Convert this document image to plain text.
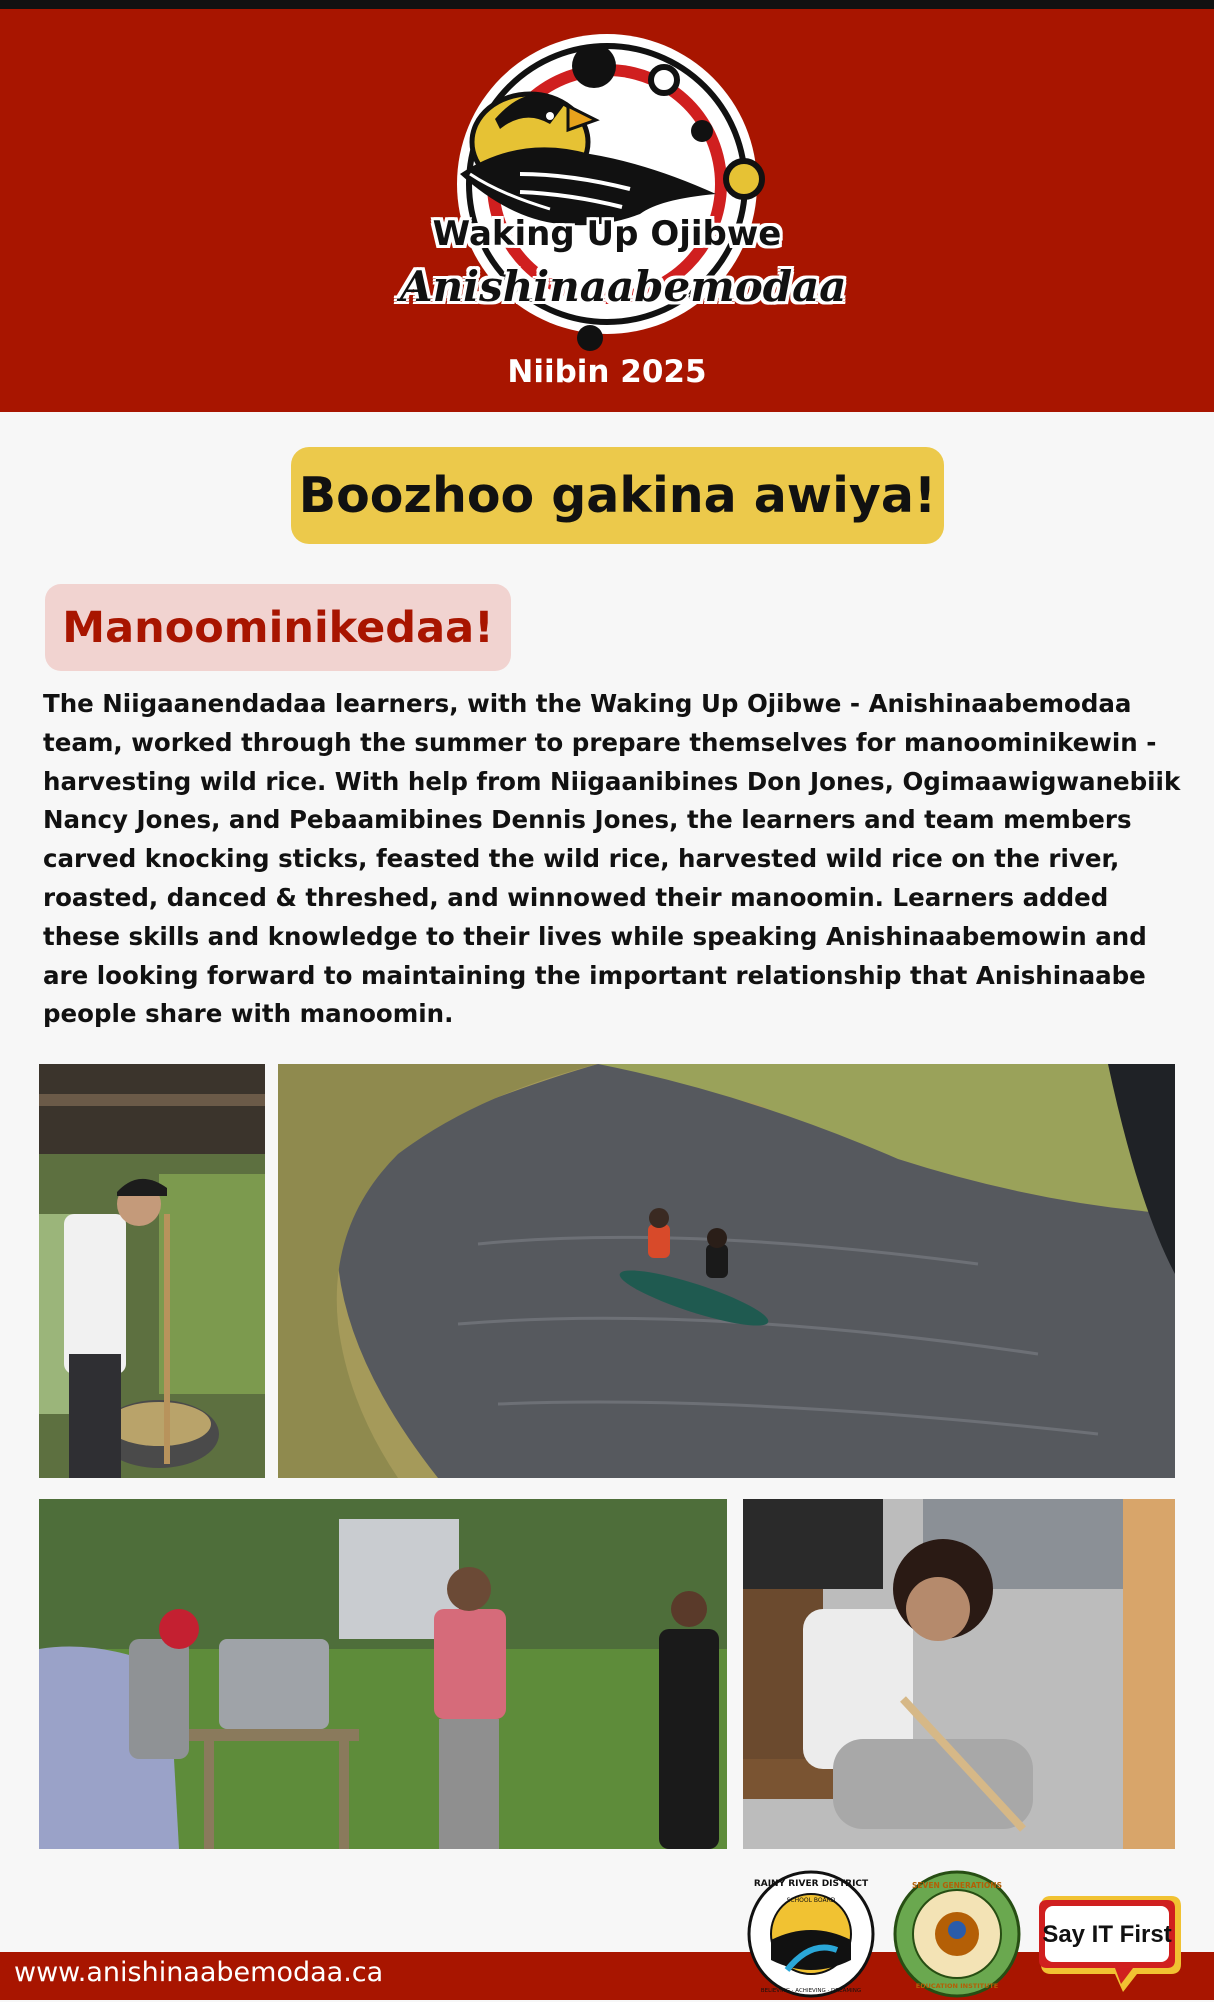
Waking Up Ojibwe
Anishinaabemodaa
Niibin 2025
Boozhoo gakina awiya!
Manoominikedaa!
The Niigaanendadaa learners, with the Waking Up Ojibwe - Anishinaabemodaa team, worked through the summer to prepare themselves for manoominikewin - harvesting wild rice. With help from Niigaanibines Don Jones, Ogimaawigwanebiik Nancy Jones, and Pebaamibines Dennis Jones, the learners and team members carved knocking sticks, feasted the wild rice, harvested wild rice on the river, roasted, danced & threshed, and winnowed their manoomin. Learners added these skills and knowledge to their lives while speaking Anishinaabemowin and are looking forward to maintaining the important relationship that Anishinaabe people share with manoomin.
www.anishinaabemodaa.ca
RAINY RIVER DISTRICT
SCHOOL BOARD
BELIEVING · ACHIEVING · DREAMING
SEVEN GENERATIONS
EDUCATION INSTITUTE
Say IT First
